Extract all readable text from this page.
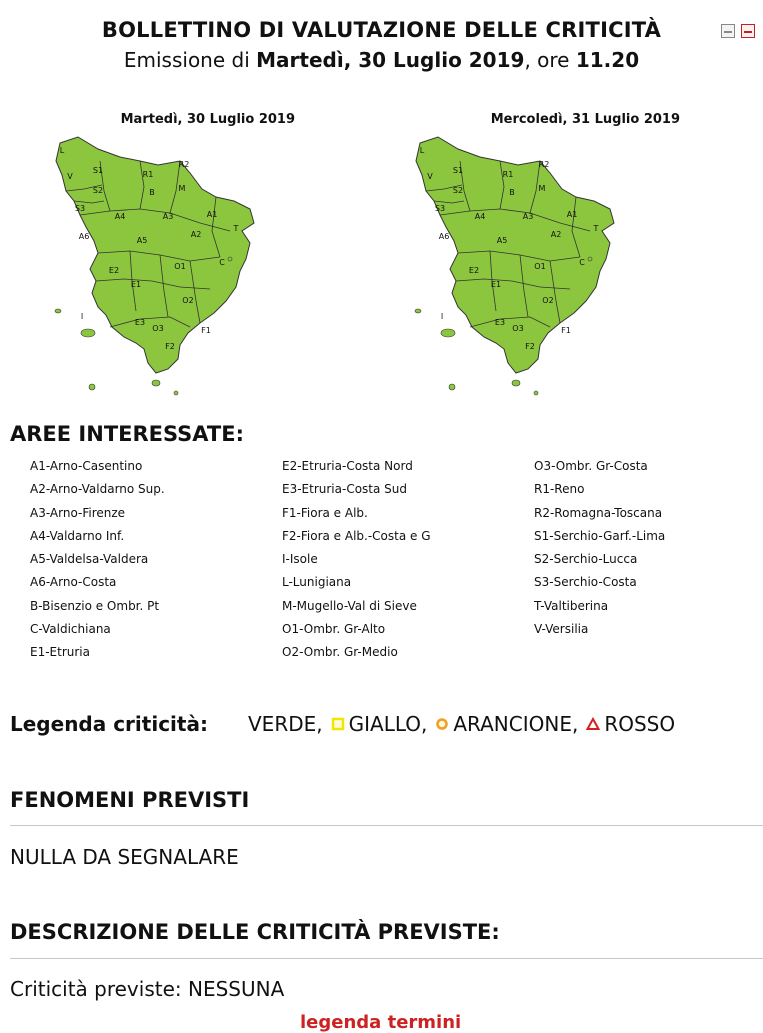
BOLLETTINO DI VALUTAZIONE DELLE CRITICITÀ
Emissione di Martedì, 30 Luglio 2019, ore 11.20
Martedì, 30 Luglio 2019
L
S1	R1
R2
V
S2	B	M
S3
A4	A3	A1
T
A6	A5
A2
O1	C
E2
E1
I
O2
E3
O3	F1
F2
Mercoledì, 31 Luglio 2019
L
S1	R1
R2
V
S2	B	M
S3
A4	A3	A1
T
A6	A5
A2
O1	C
E2
E1
I
O2
E3
O3	F1
F2
AREE INTERESSATE:
A1-Arno-Casentino
A2-Arno-Valdarno Sup.
A3-Arno-Firenze
A4-Valdarno Inf.
A5-Valdelsa-Valdera
A6-Arno-Costa
B-Bisenzio e Ombr. Pt
C-Valdichiana
E1-Etruria
E2-Etruria-Costa Nord
E3-Etruria-Costa Sud
F1-Fiora e Alb.
F2-Fiora e Alb.-Costa e G
I-Isole
L-Lunigiana
M-Mugello-Val di Sieve
O1-Ombr. Gr-Alto
O2-Ombr. Gr-Medio
O3-Ombr. Gr-Costa
R1-Reno
R2-Romagna-Toscana
S1-Serchio-Garf.-Lima
S2-Serchio-Lucca
S3-Serchio-Costa
T-Valtiberina
V-Versilia
Legenda criticità:	VERDE, GIALLO, ARANCIONE, ROSSO
FENOMENI PREVISTI
NULLA DA SEGNALARE
DESCRIZIONE DELLE CRITICITÀ PREVISTE:
Criticità previste: NESSUNA
legenda termini
